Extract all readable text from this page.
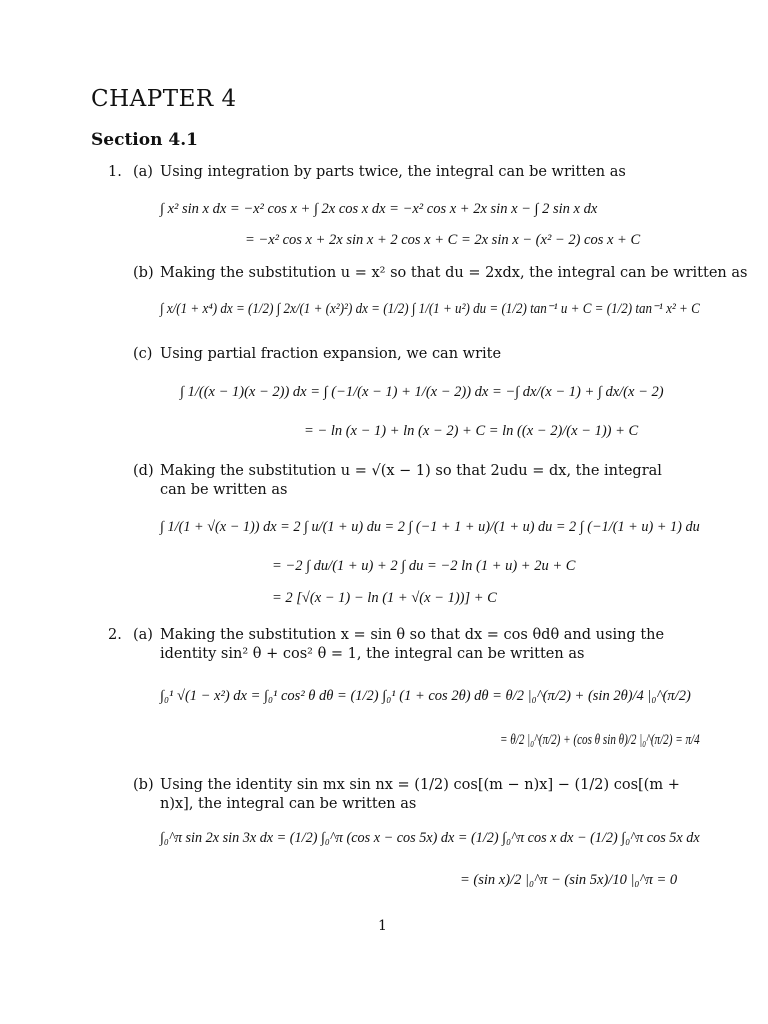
CHAPTER 4
Section 4.1
1. (a) Using integration by parts twice, the integral can be written as
∫ x² sin x dx = −x² cos x + ∫ 2x cos x dx = −x² cos x + 2x sin x − ∫ 2 sin x dx
= −x² cos x + 2x sin x + 2 cos x + C = 2x sin x − (x² − 2) cos x + C
(b) Making the substitution u = x² so that du = 2xdx, the integral can be written as
∫ x/(1 + x⁴) dx = (1/2) ∫ 2x/(1 + (x²)²) dx = (1/2) ∫ 1/(1 + u²) du = (1/2) tan⁻¹ u + C = (1/2) tan⁻¹ x² + C
(c) Using partial fraction expansion, we can write
∫ 1/((x − 1)(x − 2)) dx = ∫ (−1/(x − 1) + 1/(x − 2)) dx = −∫ dx/(x − 1) + ∫ dx/(x − 2)
= − ln (x − 1) + ln (x − 2) + C = ln ((x − 2)/(x − 1)) + C
(d) Making the substitution u = √(x − 1) so that 2udu = dx, the integral can be written as
∫ 1/(1 + √(x − 1)) dx = 2 ∫ u/(1 + u) du = 2 ∫ (−1 + 1 + u)/(1 + u) du = 2 ∫ (−1/(1 + u) + 1) du
= −2 ∫ du/(1 + u) + 2 ∫ du = −2 ln (1 + u) + 2u + C
= 2 [√(x − 1) − ln (1 + √(x − 1))] + C
2. (a) Making the substitution x = sin θ so that dx = cos θdθ and using the identity sin² θ + cos² θ = 1, the integral can be written as
∫₀¹ √(1 − x²) dx = ∫₀¹ cos² θ dθ = (1/2) ∫₀¹ (1 + cos 2θ) dθ = θ/2 |₀^(π/2) + (sin 2θ)/4 |₀^(π/2)
= θ/2 |₀^(π/2) + (cos θ sin θ)/2 |₀^(π/2) = π/4
(b) Using the identity sin mx sin nx = (1/2) cos[(m − n)x] − (1/2) cos[(m + n)x], the integral can be written as
∫₀^π sin 2x sin 3x dx = (1/2) ∫₀^π (cos x − cos 5x) dx = (1/2) ∫₀^π cos x dx − (1/2) ∫₀^π cos 5x dx
= (sin x)/2 |₀^π − (sin 5x)/10 |₀^π = 0
1
